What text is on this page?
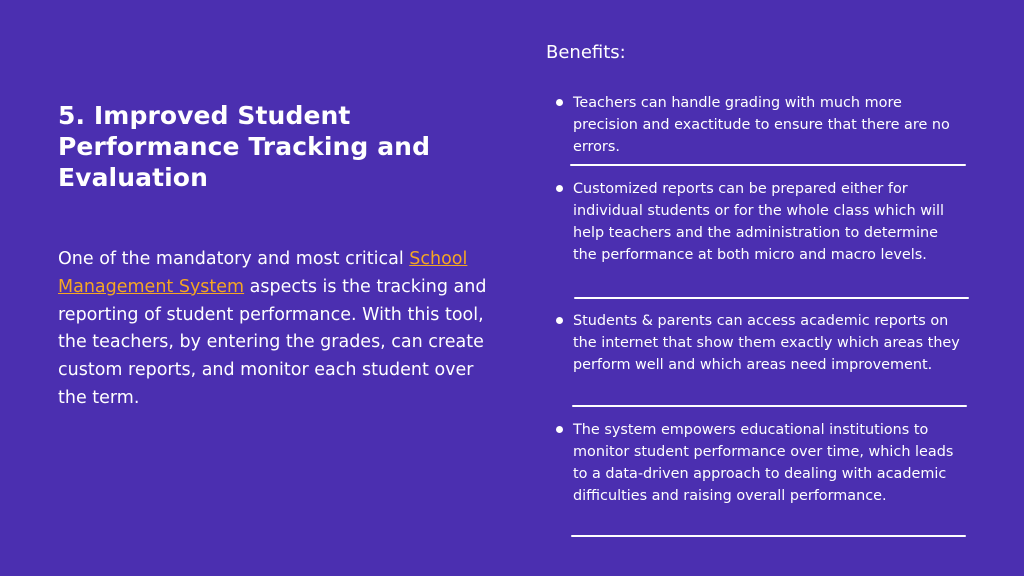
5. Improved Student
Performance Tracking and
Evaluation

One of the mandatory and most critical School Management System aspects is the tracking and reporting of student performance. With this tool, the teachers, by entering the grades, can create custom reports, and monitor each student over the term.

Benefits:

Teachers can handle grading with much more precision and exactitude to ensure that there are no errors.
Customized reports can be prepared either for individual students or for the whole class which will help teachers and the administration to determine the performance at both micro and macro levels.
Students & parents can access academic reports on the internet that show them exactly which areas they perform well and which areas need improvement.
The system empowers educational institutions to monitor student performance over time, which leads to a data-driven approach to dealing with academic difficulties and raising overall performance.
